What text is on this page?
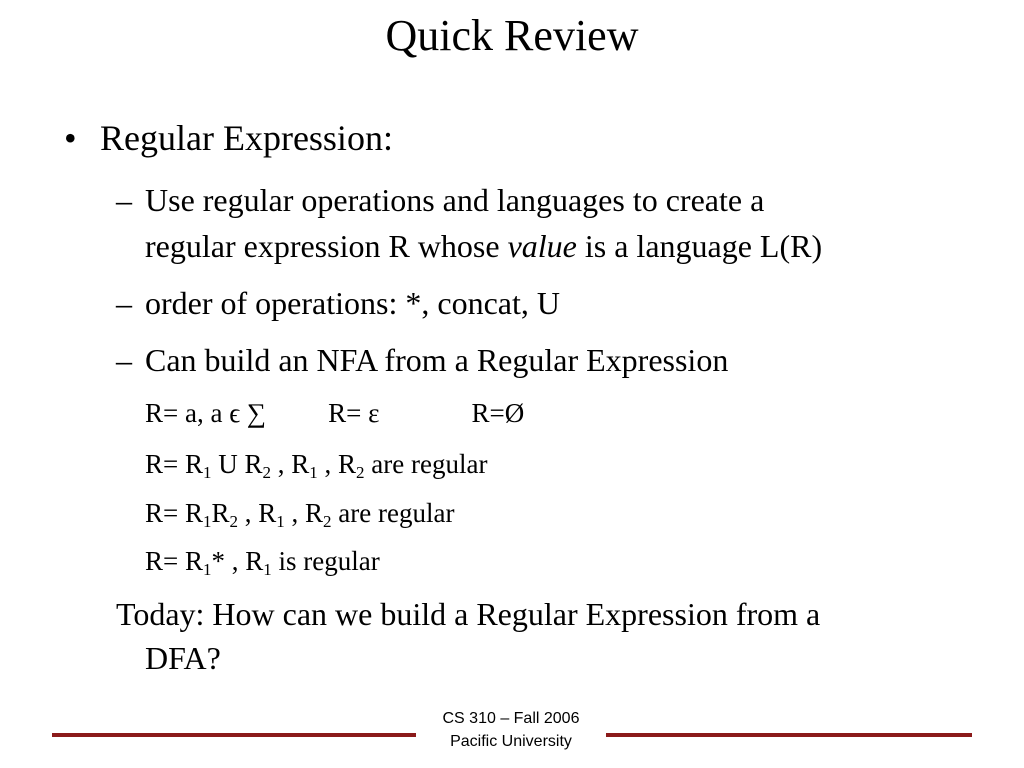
Quick Review
• Regular Expression:
– Use regular operations and languages to create a
regular expression R whose value is a language L(R)
– order of operations: *, concat, U
– Can build an NFA from a Regular Expression
R= a, a ϵ ∑ R= ε	R=Ø
$R= R_1$ U $R_2$ , $R_1$ , $R_2$ are regular
$R= R_1R_2$ , $R_1$ , $R_2$ are regular
$R= R_1*$ , $R_1$ is regular
Today: How can we build a Regular Expression from a
DFA?
CS 310 – Fall 2006
Pacific University
